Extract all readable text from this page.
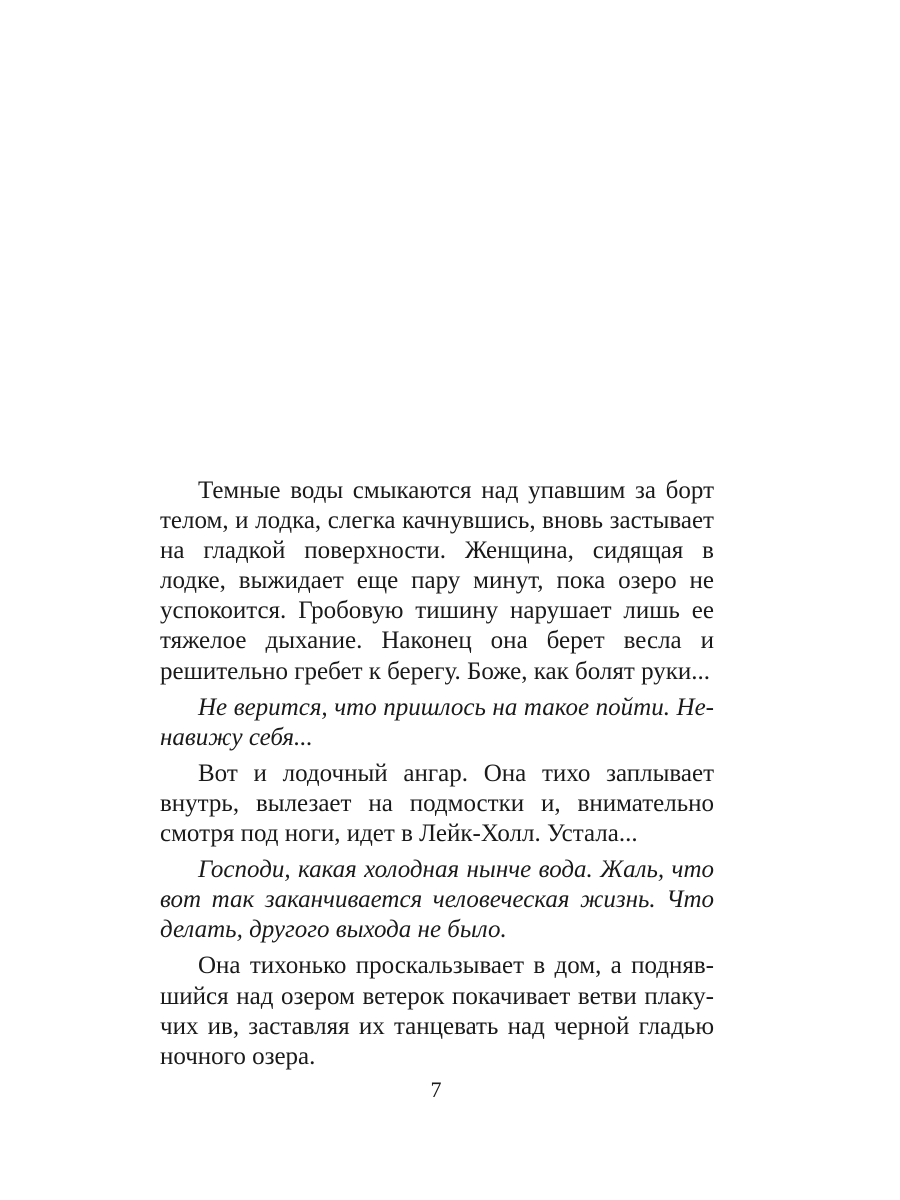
Темные воды смыкаются над упавшим за борт телом, и лодка, слегка качнувшись, вновь застывает на гладкой поверхности. Женщина, сидящая в лодке, выжидает еще пару минут, пока озеро не успокоится. Гробовую тишину нарушает лишь ее тяжелое дыхание. Наконец она берет весла и решительно гребет к берегу. Боже, как болят руки...

Не верится, что пришлось на такое пойти. Ненавижу себя...

Вот и лодочный ангар. Она тихо заплывает внутрь, вылезает на подмостки и, внимательно смотря под ноги, идет в Лейк-Холл. Устала...

Господи, какая холодная нынче вода. Жаль, что вот так заканчивается человеческая жизнь. Что делать, другого выхода не было.

Она тихонько проскальзывает в дом, а поднявшийся над озером ветерок покачивает ветви плакучих ив, заставляя их танцевать над черной гладью ночного озера.

7
